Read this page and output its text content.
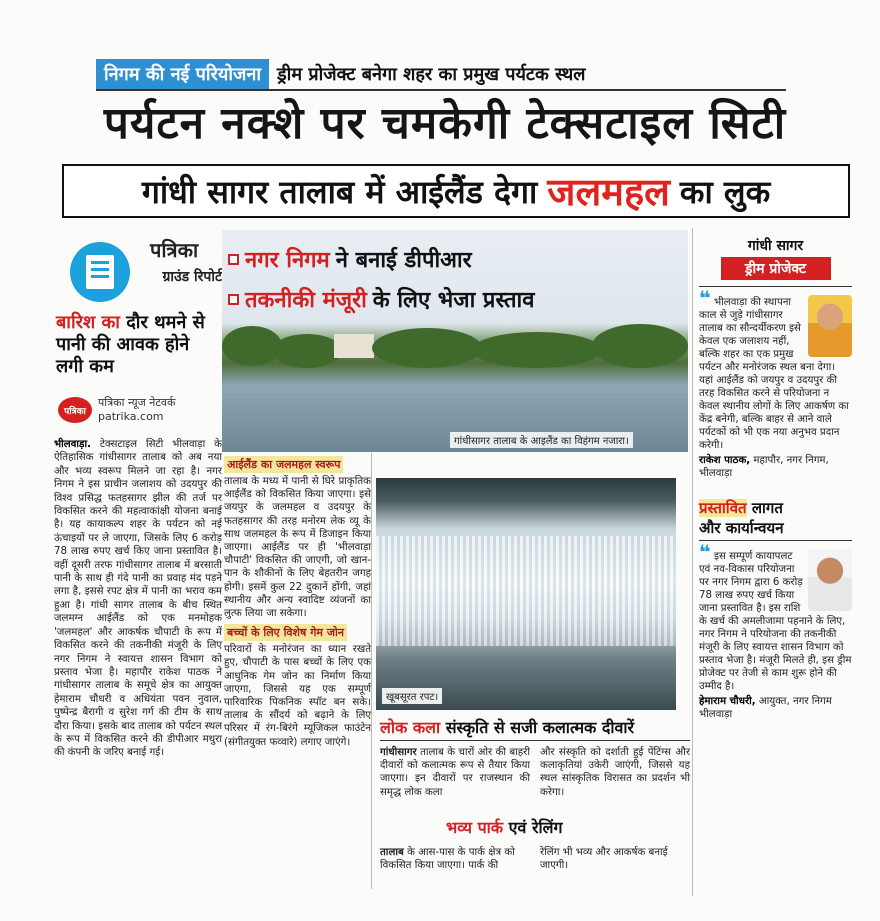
निगम की नई परियोजना ड्रीम प्रोजेक्ट बनेगा शहर का प्रमुख पर्यटक स्थल
पर्यटन नक्शे पर चमकेगी टेक्सटाइल सिटी
गांधी सागर तालाब में आईलैंड देगा जलमहल का लुक
पत्रिका
ग्राउंड रिपोर्ट
बारिश का दौर थमने से पानी की आवक होने लगी कम
पत्रिका
पत्रिका न्यूज नेटवर्क
patrika.com
भीलवाड़ा. टेक्सटाइल सिटी भीलवाड़ा के ऐतिहासिक गांधीसागर तालाब को अब नया और भव्य स्वरूप मिलने जा रहा है। नगर निगम ने इस प्राचीन जलाशय को उदयपुर की विश्व प्रसिद्ध फतहसागर झील की तर्ज पर विकसित करने की महत्वाकांक्षी योजना बनाई है। यह कायाकल्प शहर के पर्यटन को नई ऊंचाइयों पर ले जाएगा, जिसके लिए 6 करोड़ 78 लाख रुपए खर्च किए जाना प्रस्तावित है। वहीं दूसरी तरफ गांधीसागर तालाब में बरसाती पानी के साथ ही गंदे पानी का प्रवाह मंद पड़ने लगा है, इससे रपट क्षेत्र में पानी का भराव कम हुआ है। गांधी सागर तालाब के बीच स्थित जलमग्न आईलैंड को एक मनमोहक 'जलमहल' और आकर्षक चौपाटी के रूप में विकसित करने की तकनीकी मंजूरी के लिए नगर निगम ने स्वायत्त शासन विभाग को प्रस्ताव भेजा है। महापौर राकेश पाठक ने गांधीसागर तालाब के समूचे क्षेत्र का आयुक्त हेमाराम चौधरी व अधियंता पवन नुवाल, पुष्पेन्द्र बैरागी व सुरेश गर्ग की टीम के साथ दौरा किया। इसके बाद तालाब को पर्यटन स्थल के रूप में विकसित करने की डीपीआर मथुरा की कंपनी के जरिए बनाई गई।
नगर निगम ने बनाई डीपीआर
तकनीकी मंजूरी के लिए भेजा प्रस्ताव
गांधीसागर तालाब के आइलैंड का विहंगम नजारा।
आईलैंड का जलमहल स्वरूप
तालाब के मध्य में पानी से घिरे प्राकृतिक आईलैंड को विकसित किया जाएगा। इसे जयपुर के जलमहल व उदयपुर के फतहसागर की तरह मनोरम लेक व्यू के साथ जलमहल के रूप में डिजाइन किया जाएगा। आईलैंड पर ही 'भीलवाड़ा चौपाटी' विकसित की जाएगी, जो खान-पान के शौकीनों के लिए बेहतरीन जगह होगी। इसमें कुल 22 दुकानें होंगी, जहां स्थानीय और अन्य स्वादिष्ट व्यंजनों का लुत्फ लिया जा सकेगा।
बच्चों के लिए विशेष गेम जोन
परिवारों के मनोरंजन का ध्यान रखते हुए, चौपाटी के पास बच्चों के लिए एक आधुनिक गेम जोन का निर्माण किया जाएगा, जिससे यह एक सम्पूर्ण पारिवारिक पिकनिक स्पॉट बन सके। तालाब के सौंदर्य को बढ़ाने के लिए परिसर में रंग-बिरंगे म्यूजिकल फाउंटेन (संगीतयुक्त फव्वारे) लगाए जाएंगे।
खूबसूरत रपट।
लोक कला संस्कृति से सजी कलात्मक दीवारें
गांधीसागर तालाब के चारों ओर की बाहरी दीवारों को कलात्मक रूप से तैयार किया जाएगा। इन दीवारों पर राजस्थान की समृद्ध लोक कला
और संस्कृति को दर्शाती हुई पेंटिंग्स और कलाकृतियां उकेरी जाएंगी, जिससे यह स्थल सांस्कृतिक विरासत का प्रदर्शन भी करेगा।
भव्य पार्क एवं रेलिंग
तालाब के आस-पास के पार्क क्षेत्र को विकसित किया जाएगा। पार्क की
रेलिंग भी भव्य और आकर्षक बनाई जाएगी।
गांधी सागर
ड्रीम प्रोजेक्ट
❝ भीलवाड़ा की स्थापना काल से जुड़े गांधीसागर तालाब का सौन्दर्यीकरण इसे केवल एक जलाशय नहीं, बल्कि शहर का एक प्रमुख पर्यटन और मनोरंजक स्थल बना देगा। यहां आईलैंड को जयपुर व उदयपुर की तरह विकसित करने से परियोजना न केवल स्थानीय लोगों के लिए आकर्षण का केंद्र बनेगी, बल्कि बाहर से आने वाले पर्यटकों को भी एक नया अनुभव प्रदान करेगी।
राकेश पाठक, महापौर, नगर निगम, भीलवाड़ा
प्रस्तावित लागत
और कार्यान्वयन
❝ इस सम्पूर्ण कायापलट एवं नव-विकास परियोजना पर नगर निगम द्वारा 6 करोड़ 78 लाख रुपए खर्च किया जाना प्रस्तावित है। इस राशि के खर्च की अमलीजामा पहनाने के लिए, नगर निगम ने परियोजना की तकनीकी मंजूरी के लिए स्वायत्त शासन विभाग को प्रस्ताव भेजा है। मंजूरी मिलते ही, इस ड्रीम प्रोजेक्ट पर तेजी से काम शुरू होने की उम्मीद है।
हेमाराम चौधरी, आयुक्त, नगर निगम भीलवाड़ा
